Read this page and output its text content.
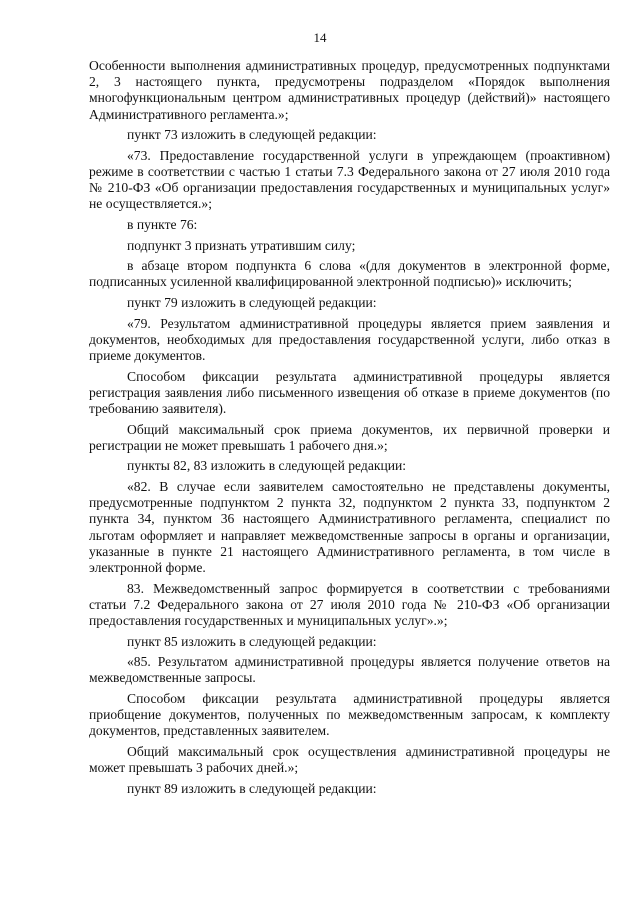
14

Особенности выполнения административных процедур, предусмотренных подпунктами 2, 3 настоящего пункта, предусмотрены подразделом «Порядок выполнения многофункциональным центром административных процедур (действий)» настоящего Административного регламента.»;

пункт 73 изложить в следующей редакции:

«73. Предоставление государственной услуги в упреждающем (проактивном) режиме в соответствии с частью 1 статьи 7.3 Федерального закона от 27 июля 2010 года № 210-ФЗ «Об организации предоставления государственных и муниципальных услуг» не осуществляется.»;

в пункте 76:

подпункт 3 признать утратившим силу;

в абзаце втором подпункта 6 слова «(для документов в электронной форме, подписанных усиленной квалифицированной электронной подписью)» исключить;

пункт 79 изложить в следующей редакции:

«79. Результатом административной процедуры является прием заявления и документов, необходимых для предоставления государственной услуги, либо отказ в приеме документов.

Способом фиксации результата административной процедуры является регистрация заявления либо письменного извещения об отказе в приеме документов (по требованию заявителя).

Общий максимальный срок приема документов, их первичной проверки и регистрации не может превышать 1 рабочего дня.»;

пункты 82, 83 изложить в следующей редакции:

«82. В случае если заявителем самостоятельно не представлены документы, предусмотренные подпунктом 2 пункта 32, подпунктом 2 пункта 33, подпунктом 2 пункта 34, пунктом 36 настоящего Административного регламента, специалист по льготам оформляет и направляет межведомственные запросы в органы и организации, указанные в пункте 21 настоящего Административного регламента, в том числе в электронной форме.

83. Межведомственный запрос формируется в соответствии с требованиями статьи 7.2 Федерального закона от 27 июля 2010 года № 210-ФЗ «Об организации предоставления государственных и муниципальных услуг».»;

пункт 85 изложить в следующей редакции:

«85. Результатом административной процедуры является получение ответов на межведомственные запросы.

Способом фиксации результата административной процедуры является приобщение документов, полученных по межведомственным запросам, к комплекту документов, представленных заявителем.

Общий максимальный срок осуществления административной процедуры не может превышать 3 рабочих дней.»;

пункт 89 изложить в следующей редакции:
